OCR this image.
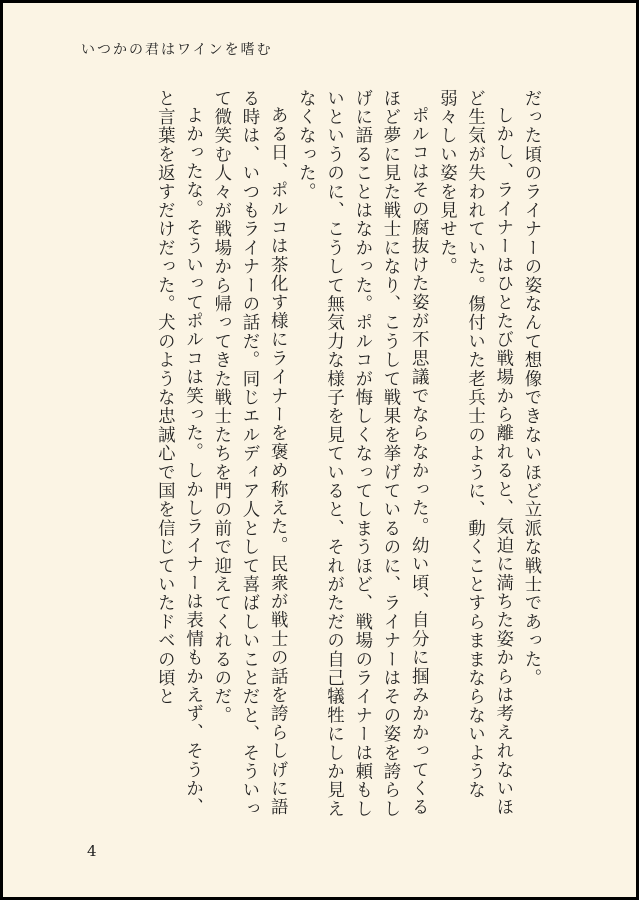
いつかの君はワインを嗜む

だった頃のライナーの姿なんて想像できないほど立派な戦士であった。

しかし、ライナーはひとたび戦場から離れると、気迫に満ちた姿からは考えれないほど生気が失われていた。傷付いた老兵士のように、動くことすらままならないような弱々しい姿を見せた。

ポルコはその腐抜けた姿が不思議でならなかった。幼い頃、自分に掴みかかってくるほど夢に見た戦士になり、こうして戦果を挙げているのに、ライナーはその姿を誇らしげに語ることはなかった。ポルコが悔しくなってしまうほど、戦場のライナーは頼もしいというのに、こうして無気力な様子を見ていると、それがただの自己犠牲にしか見えなくなった。

ある日、ポルコは茶化す様にライナーを褒め称えた。民衆が戦士の話を誇らしげに語る時は、いつもライナーの話だ。同じエルディア人として喜ばしいことだと、そういって微笑む人々が戦場から帰ってきた戦士たちを門の前で迎えてくれるのだ。

よかったな。そういってポルコは笑った。しかしライナーは表情もかえず、そうか、と言葉を返すだけだった。犬のような忠誠心で国を信じていたドベの頃と

4
